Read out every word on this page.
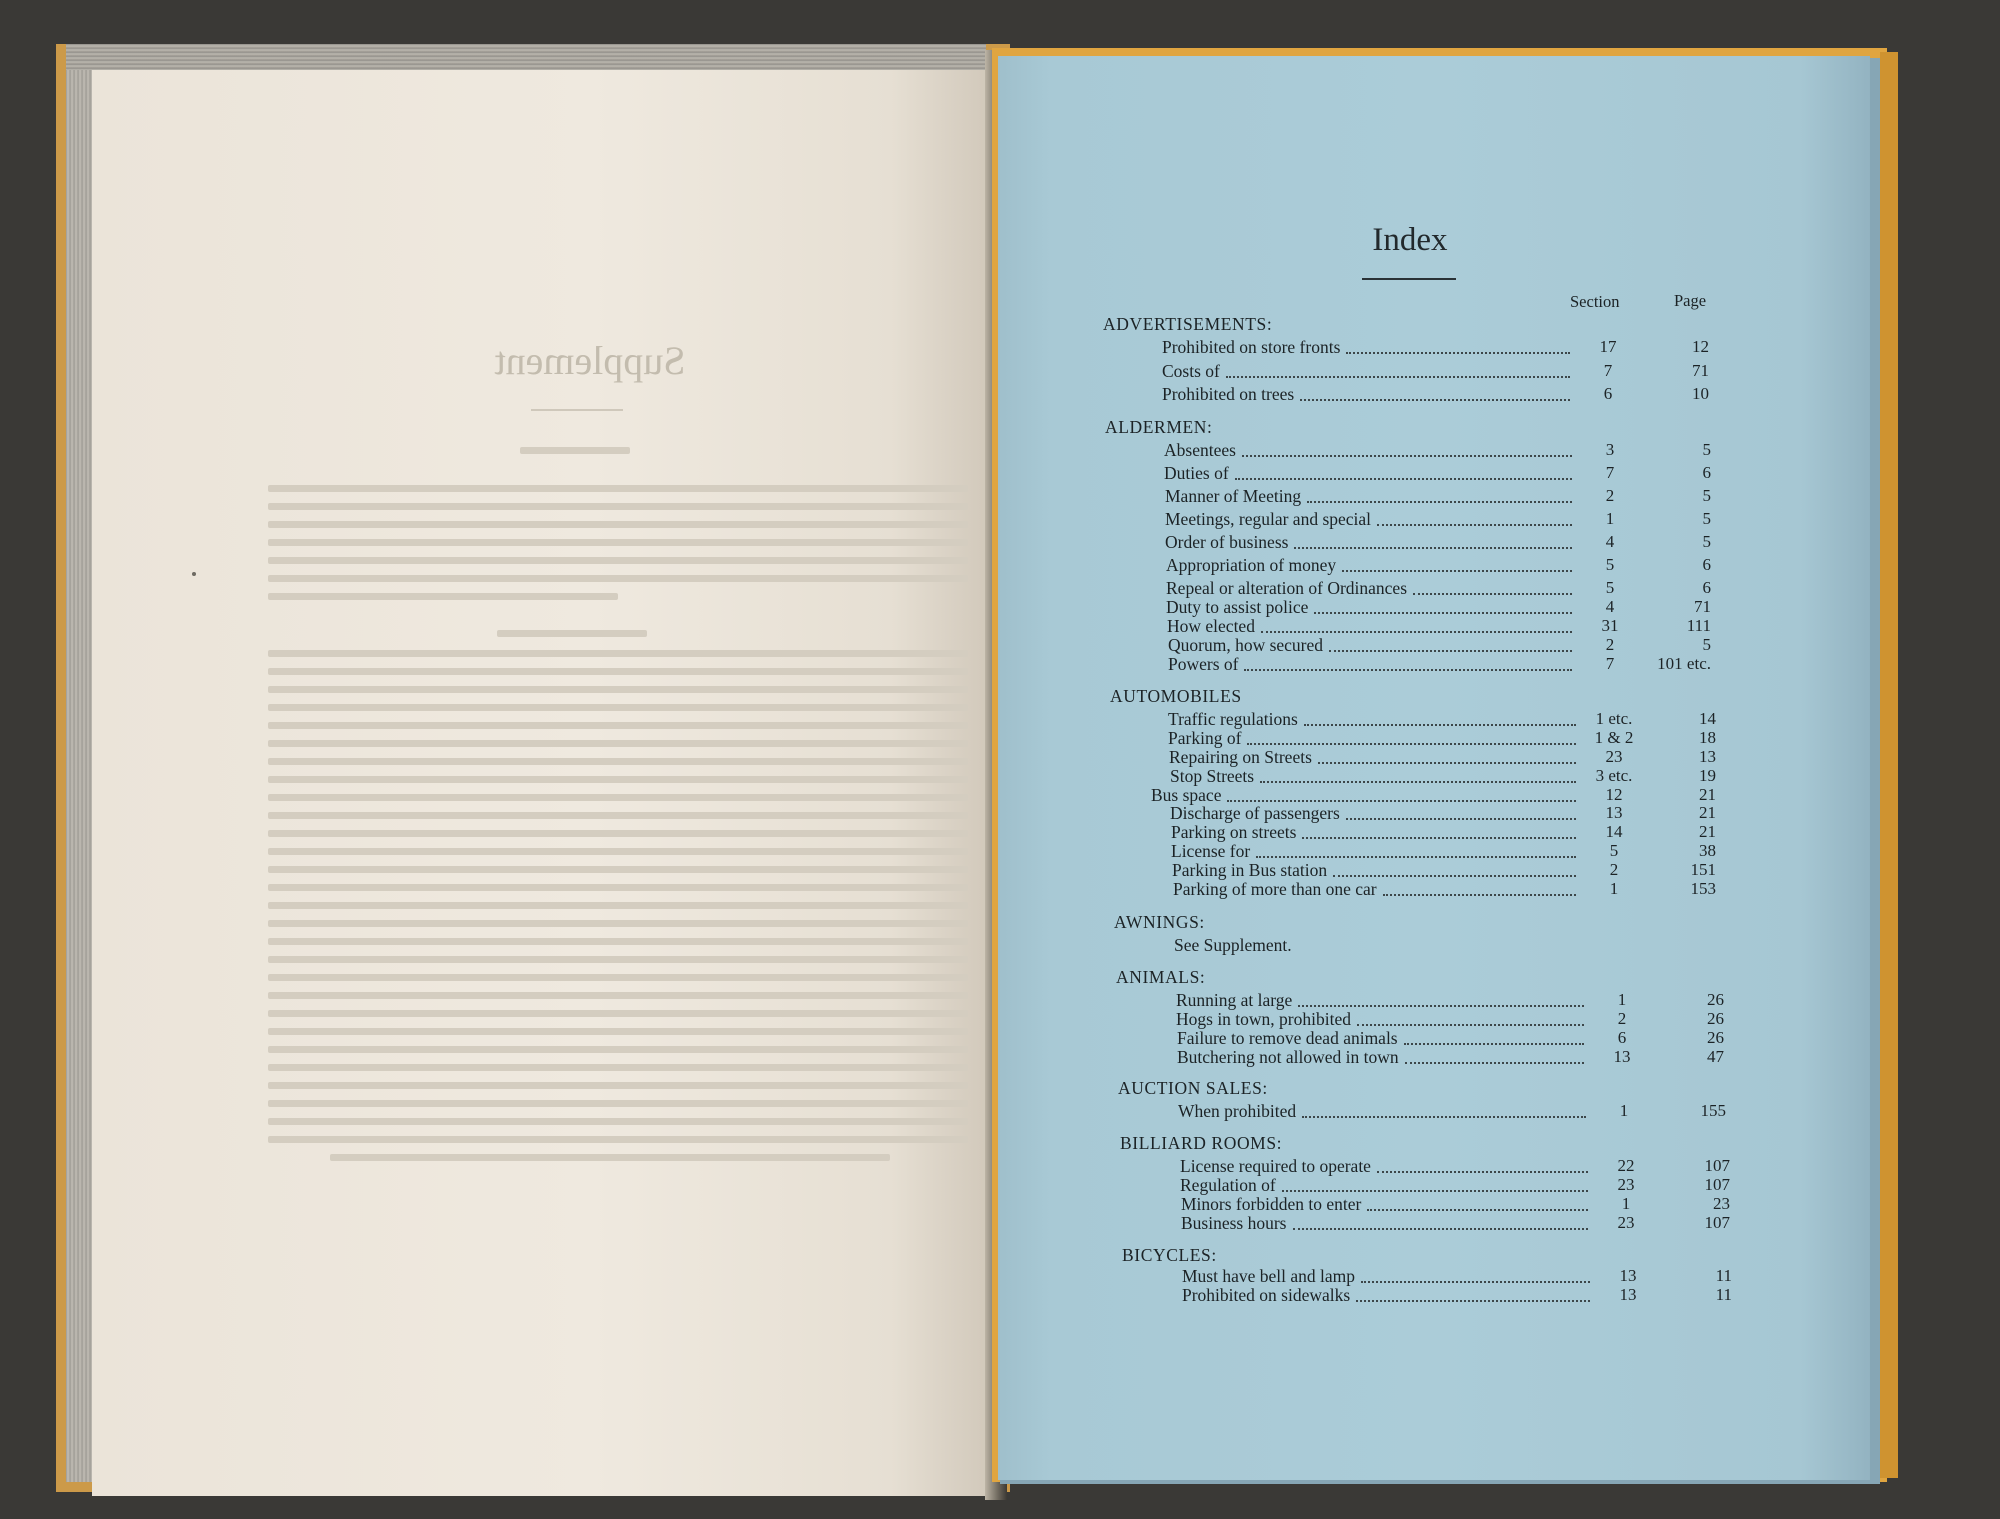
Supplement
Index
Section	Page
ADVERTISEMENTS:
Prohibited on store fronts	17	12
Costs of	7	71
Prohibited on trees	6	10
ALDERMEN:
Absentees	3	5
Duties of	7	6
Manner of Meeting	2	5
Meetings, regular and special	1	5
Order of business	4	5
Appropriation of money	5	6
Repeal or alteration of Ordinances	5	6
Duty to assist police	4	71
How elected	31	111
Quorum, how secured	2	5
Powers of	7	101 etc.
AUTOMOBILES
Traffic regulations	1 etc.	14
Parking of	1 & 2	18
Repairing on Streets	23	13
Stop Streets	3 etc.	19
Bus space	12	21
Discharge of passengers	13	21
Parking on streets	14	21
License for	5	38
Parking in Bus station	2	151
Parking of more than one car	1	153
AWNINGS:
See Supplement.
ANIMALS:
Running at large	1	26
Hogs in town, prohibited	2	26
Failure to remove dead animals	6	26
Butchering not allowed in town	13	47
AUCTION SALES:
When prohibited	1	155
BILLIARD ROOMS:
License required to operate	22	107
Regulation of	23	107
Minors forbidden to enter	1	23
Business hours	23	107
BICYCLES:
Must have bell and lamp	13	11
Prohibited on sidewalks	13	11
